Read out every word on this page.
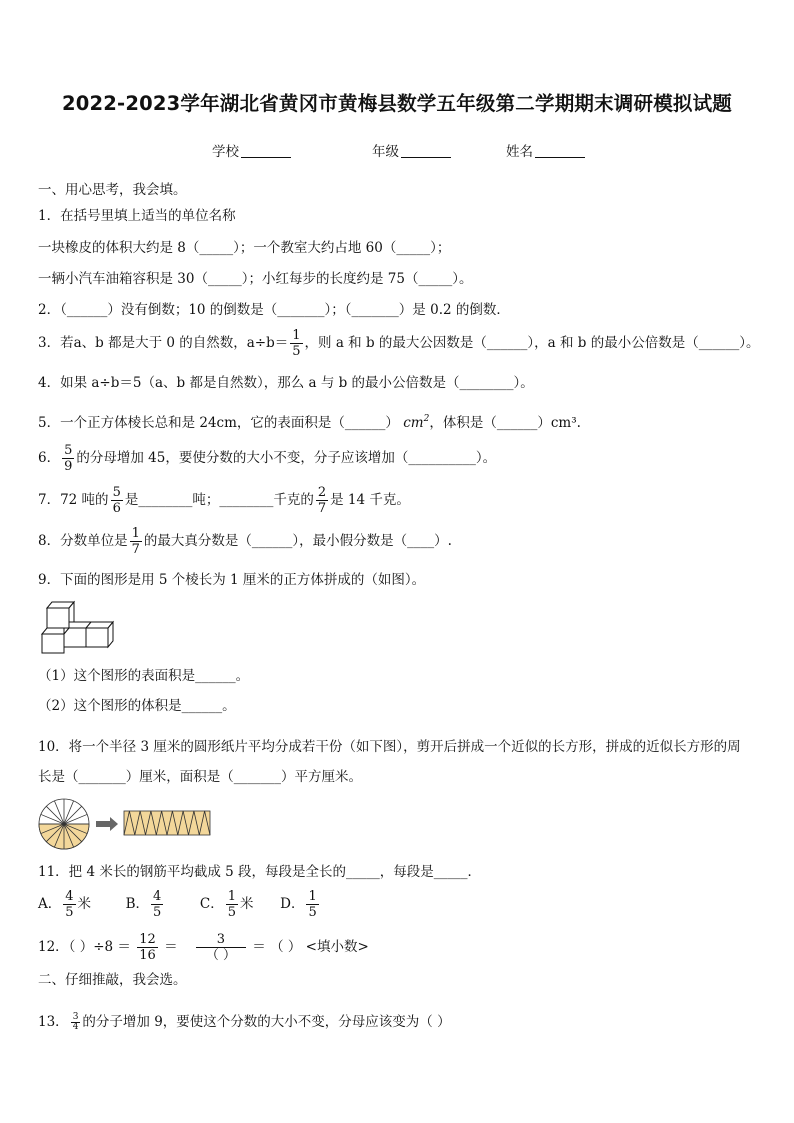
2022-2023学年湖北省黄冈市黄梅县数学五年级第二学期期末调研模拟试题
学校	年级	姓名
一、用心思考，我会填。
1．在括号里填上适当的单位名称
一块橡皮的体积大约是 8（_____）；一个教室大约占地 60（_____）；
一辆小汽车油箱容积是 30（_____）；小红每步的长度约是 75（_____）。
2．（______）没有倒数；10 的倒数是（_______）；（_______）是 0.2 的倒数．
3．若a、b 都是大于 0 的自然数，$a\div b= \frac{1}{5}$ ，则 a 和 b 的最大公因数是（______），a 和 b 的最小公倍数是（______）。
4．如果 a÷b＝5（a、b 都是自然数），那么 a 与 b 的最小公倍数是（________）。
5．一个正方体棱长总和是 24cm，它的表面积是（______） $cm^2$，体积是（______）cm³.
6． $\frac{5}{9}$ 的分母增加 45，要使分数的大小不变，分子应该增加（__________）。
7．72 吨的 $\frac{5}{6}$ 是________吨；________千克的 $\frac{2}{7}$ 是 14 千克。
8．分数单位是 $\frac{1}{7}$ 的最大真分数是（______），最小假分数是（____）.
9．下面的图形是用 5 个棱长为 1 厘米的正方体拼成的（如图）。
（1）这个图形的表面积是______。
（2）这个图形的体积是______。
10．将一个半径 3 厘米的圆形纸片平均分成若干份（如下图），剪开后拼成一个近似的长方形，拼成的近似长方形的周
长是（_______）厘米，面积是（_______）平方厘米。
11．把 4 米长的钢筋平均截成 5 段，每段是全长的_____，每段是_____．
A． $\frac{4}{5}$ 米	B． $\frac{4}{5}$	C． $\frac{1}{5}$ 米 D． $\frac{1}{5}$
12．（ ）$\div 8 = \frac{12}{16} = \frac{3}{( )}$ ＝ （ ） <填小数>
二、仔细推敲，我会选。
13． $\frac{3}{4}$ 的分子增加 9，要使这个分数的大小不变，分母应该变为（ ）
